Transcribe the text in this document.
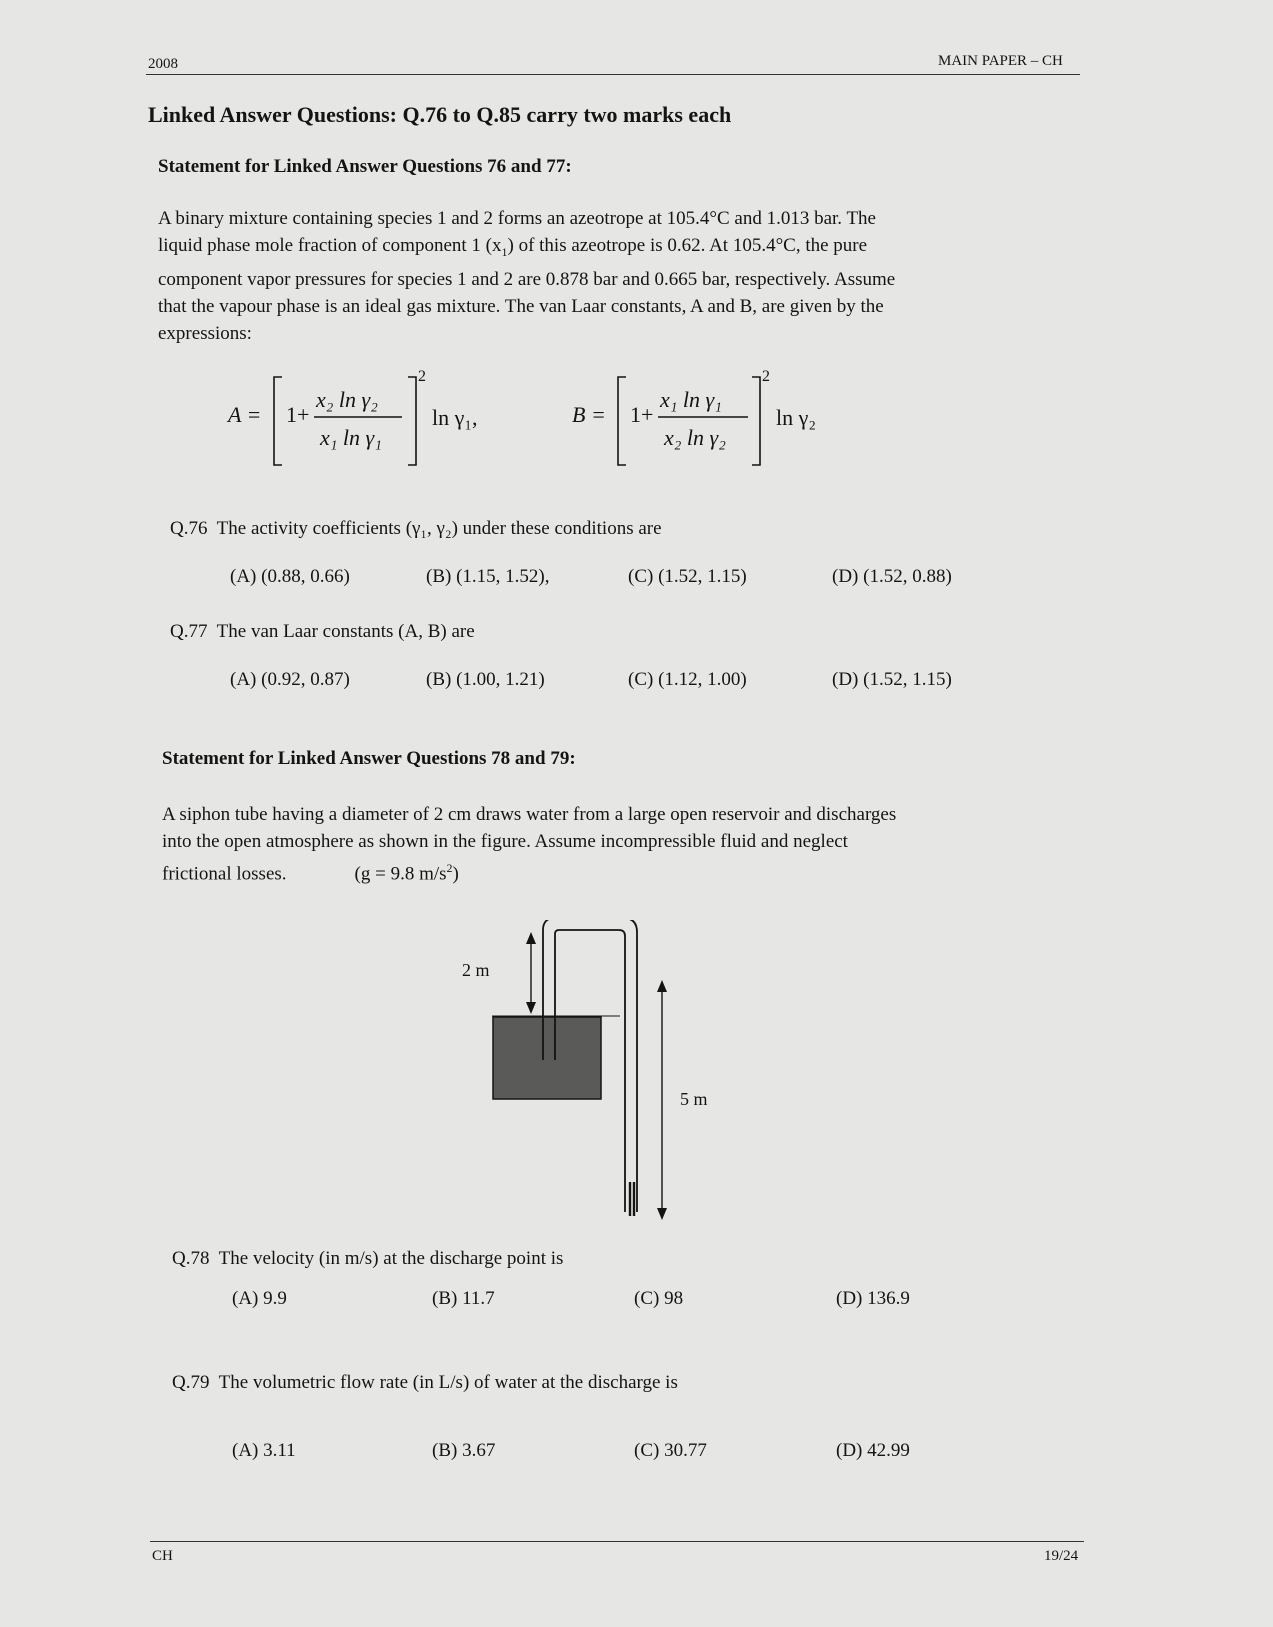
2008	MAIN PAPER – CH
Linked Answer Questions: Q.76 to Q.85 carry two marks each
Statement for Linked Answer Questions 76 and 77:
A binary mixture containing species 1 and 2 forms an azeotrope at 105.4°C and 1.013 bar. The
liquid phase mole fraction of component 1 $(x_1)$ of this azeotrope is 0.62. At 105.4°C, the pure
component vapor pressures for species 1 and 2 are 0.878 bar and 0.665 bar, respectively. Assume
that the vapour phase is an ideal gas mixture. The van Laar constants, A and B, are given by the
expressions:
A = 1+
x₂ ln γ₂
x₁ ln γ₁
2
ln γ₁,	B = 1+
x₁ ln γ₁
x₂ ln γ₂
2
ln γ₂
Q.76 The activity coefficients (γ₁, γ₂) under these conditions are
(A) (0.88, 0.66)	(B) (1.15, 1.52),	(C) (1.52, 1.15)	(D) (1.52, 0.88)
Q.77 The van Laar constants (A, B) are
(A) (0.92, 0.87)	(B) (1.00, 1.21)	(C) (1.12, 1.00)	(D) (1.52, 1.15)
Statement for Linked Answer Questions 78 and 79:
A siphon tube having a diameter of 2 cm draws water from a large open reservoir and discharges
into the open atmosphere as shown in the figure. Assume incompressible fluid and neglect
frictional losses.	(g = 9.8 $m/s^2$)
2 m
5 m
Q.78 The velocity (in m/s) at the discharge point is
(A) 9.9	(B) 11.7	(C) 98	(D) 136.9
Q.79 The volumetric flow rate (in L/s) of water at the discharge is
(A) 3.11	(B) 3.67	(C) 30.77	(D) 42.99
CH	19/24
